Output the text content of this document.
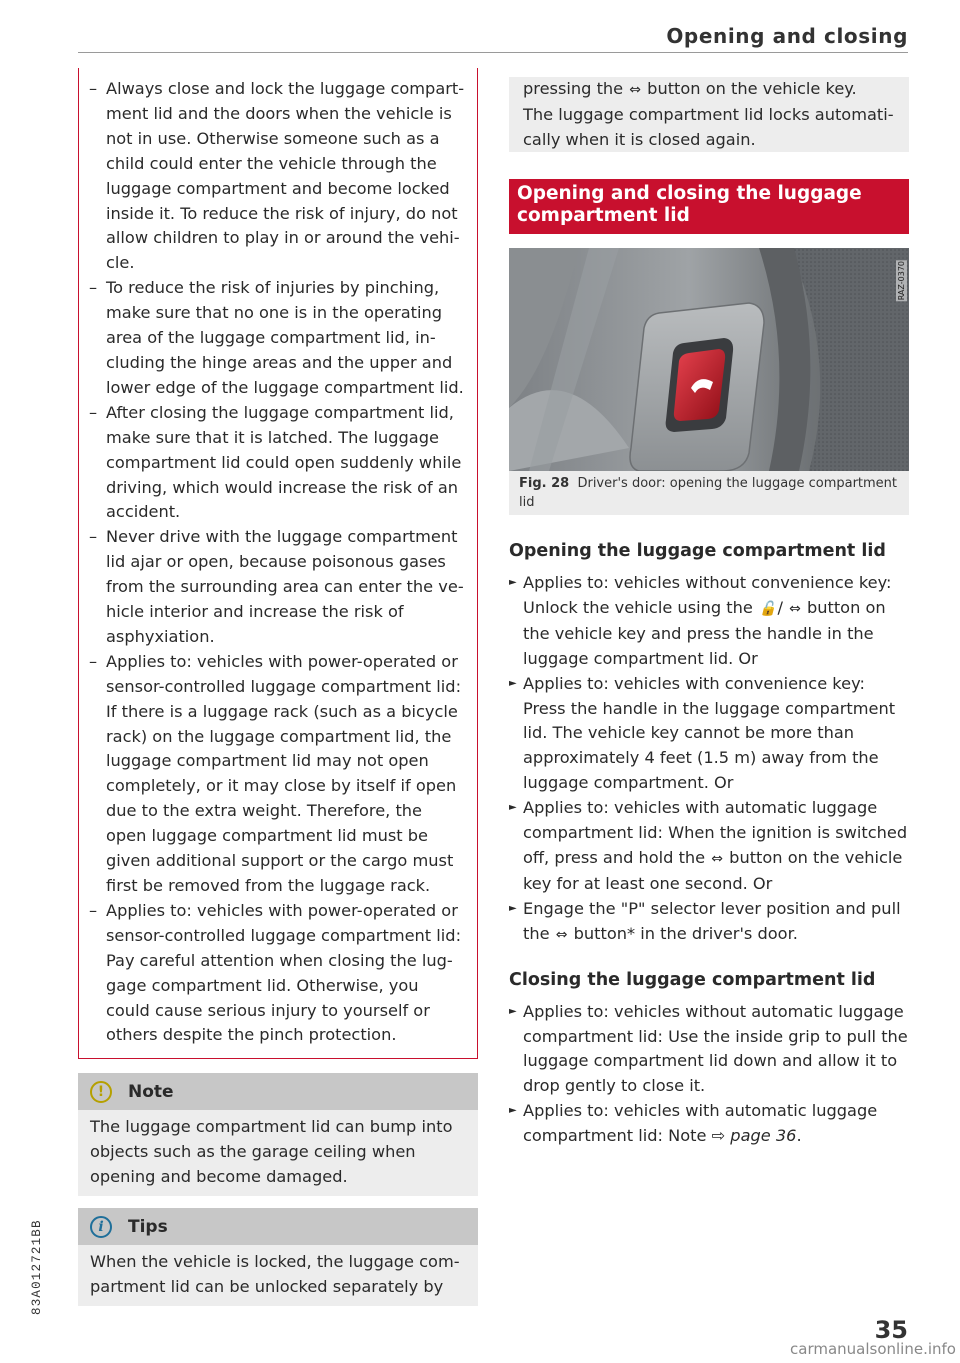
Opening and closing
– Always close and lock the luggage compartment lid and the doors when the vehicle is not in use. Otherwise someone such as a child could enter the vehicle through the luggage compartment and become locked inside it. To reduce the risk of injury, do not allow children to play in or around the vehicle.
– To reduce the risk of injuries by pinching, make sure that no one is in the operating area of the luggage compartment lid, including the hinge areas and the upper and lower edge of the luggage compartment lid.
– After closing the luggage compartment lid, make sure that it is latched. The luggage compartment lid could open suddenly while driving, which would increase the risk of an accident.
– Never drive with the luggage compartment lid ajar or open, because poisonous gases from the surrounding area can enter the vehicle interior and increase the risk of asphyxiation.
– Applies to: vehicles with power-operated or sensor-controlled luggage compartment lid: If there is a luggage rack (such as a bicycle rack) on the luggage compartment lid, the luggage compartment lid may not open completely, or it may close by itself if open due to the extra weight. Therefore, the open luggage compartment lid must be given additional support or the cargo must first be removed from the luggage rack.
– Applies to: vehicles with power-operated or sensor-controlled luggage compartment lid: Pay careful attention when closing the luggage compartment lid. Otherwise, you could cause serious injury to yourself or others despite the pinch protection.
!	Note
The luggage compartment lid can bump into objects such as the garage ceiling when opening and become damaged.
i	Tips
When the vehicle is locked, the luggage compartment lid can be unlocked separately by
pressing the ⇔ button on the vehicle key.
The luggage compartment lid locks automatically when it is closed again.
Opening and closing the luggage compartment lid
RAZ-0370
Fig. 28 Driver's door: opening the luggage compartment lid
Opening the luggage compartment lid
► Applies to: vehicles without convenience key: Unlock the vehicle using the 🔓/ ⇔ button on the vehicle key and press the handle in the luggage compartment lid. Or
► Applies to: vehicles with convenience key: Press the handle in the luggage compartment lid. The vehicle key cannot be more than approximately 4 feet (1.5 m) away from the luggage compartment. Or
► Applies to: vehicles with automatic luggage compartment lid: When the ignition is switched off, press and hold the ⇔ button on the vehicle key for at least one second. Or
► Engage the "P" selector lever position and pull the ⇔ button* in the driver's door.
Closing the luggage compartment lid
► Applies to: vehicles without automatic luggage compartment lid: Use the inside grip to pull the luggage compartment lid down and allow it to drop gently to close it.
► Applies to: vehicles with automatic luggage compartment lid: Note ⇨ page 36.
83A012721BB
35
carmanualsonline.info
